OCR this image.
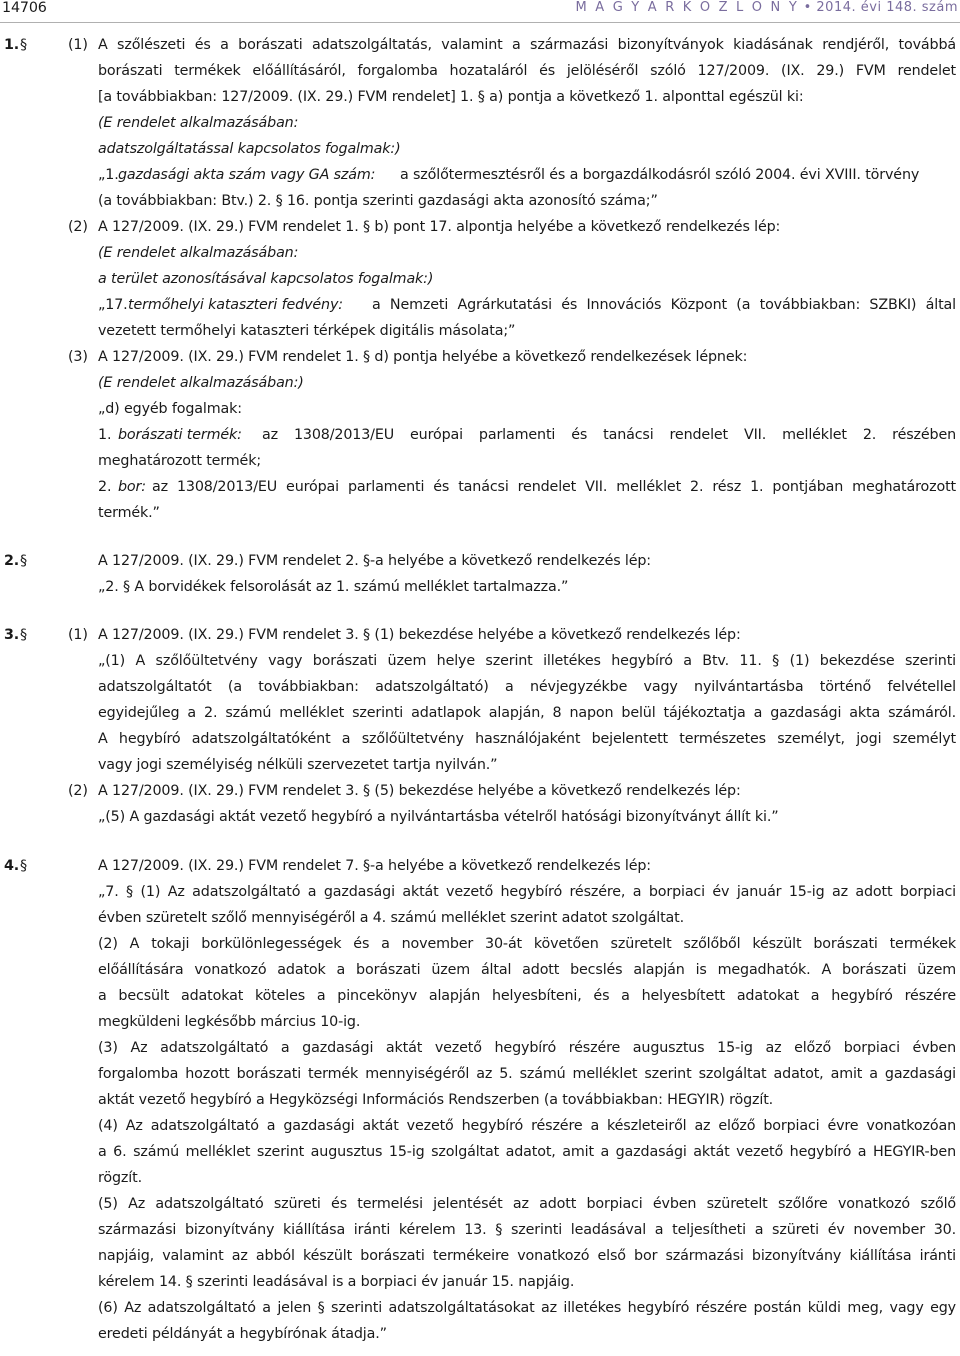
14706	M A G Y A R K Ö Z L Ö N Y • 2014. évi 148. szám
1. §	(1) A szőlészeti és a borászati adatszolgáltatás, valamint a származási bizonyítványok kiadásának rendjéről, továbbá
borászati termékek előállításáról, forgalomba hozataláról és jelöléséről szóló 127/2009. (IX. 29.) FVM rendelet
[a továbbiakban: 127/2009. (IX. 29.) FVM rendelet] 1. § a) pontja a következő 1. alponttal egészül ki:
(E rendelet alkalmazásában:
adatszolgáltatással kapcsolatos fogalmak:)
„1. gazdasági akta szám vagy GA szám: a szőlőtermesztésről és a borgazdálkodásról szóló 2004. évi XVIII. törvény
(a továbbiakban: Btv.) 2. § 16. pontja szerinti gazdasági akta azonosító száma;”
(2) A 127/2009. (IX. 29.) FVM rendelet 1. § b) pont 17. alpontja helyébe a következő rendelkezés lép:
(E rendelet alkalmazásában:
a terület azonosításával kapcsolatos fogalmak:)
„17. termőhelyi kataszteri fedvény: a Nemzeti Agrárkutatási és Innovációs Központ (a továbbiakban: SZBKI) által
vezetett termőhelyi kataszteri térképek digitális másolata;”
(3) A 127/2009. (IX. 29.) FVM rendelet 1. § d) pontja helyébe a következő rendelkezések lépnek:
(E rendelet alkalmazásában:)
„d) egyéb fogalmak:
1. borászati termék: az 1308/2013/EU európai parlamenti és tanácsi rendelet VII. melléklet 2. részében
meghatározott termék;
2. bor: az 1308/2013/EU európai parlamenti és tanácsi rendelet VII. melléklet 2. rész 1. pontjában meghatározott
termék.”
2. §	A 127/2009. (IX. 29.) FVM rendelet 2. §-a helyébe a következő rendelkezés lép:
„2. § A borvidékek felsorolását az 1. számú melléklet tartalmazza.”
3. §	(1) A 127/2009. (IX. 29.) FVM rendelet 3. § (1) bekezdése helyébe a következő rendelkezés lép:
„(1) A szőlőültetvény vagy borászati üzem helye szerint illetékes hegybíró a Btv. 11. § (1) bekezdése szerinti
adatszolgáltatót (a továbbiakban: adatszolgáltató) a névjegyzékbe vagy nyilvántartásba történő felvétellel
egyidejűleg a 2. számú melléklet szerinti adatlapok alapján, 8 napon belül tájékoztatja a gazdasági akta számáról.
A hegybíró adatszolgáltatóként a szőlőültetvény használójaként bejelentett természetes személyt, jogi személyt
vagy jogi személyiség nélküli szervezetet tartja nyilván.”
(2) A 127/2009. (IX. 29.) FVM rendelet 3. § (5) bekezdése helyébe a következő rendelkezés lép:
„(5) A gazdasági aktát vezető hegybíró a nyilvántartásba vételről hatósági bizonyítványt állít ki.”
4. §	A 127/2009. (IX. 29.) FVM rendelet 7. §-a helyébe a következő rendelkezés lép:
„7. § (1) Az adatszolgáltató a gazdasági aktát vezető hegybíró részére, a borpiaci év január 15-ig az adott borpiaci
évben szüretelt szőlő mennyiségéről a 4. számú melléklet szerint adatot szolgáltat.
(2) A tokaji borkülönlegességek és a november 30-át követően szüretelt szőlőből készült borászati termékek
előállítására vonatkozó adatok a borászati üzem által adott becslés alapján is megadhatók. A borászati üzem
a becsült adatokat köteles a pincekönyv alapján helyesbíteni, és a helyesbített adatokat a hegybíró részére
megküldeni legkésőbb március 10-ig.
(3) Az adatszolgáltató a gazdasági aktát vezető hegybíró részére augusztus 15-ig az előző borpiaci évben
forgalomba hozott borászati termék mennyiségéről az 5. számú melléklet szerint szolgáltat adatot, amit a gazdasági
aktát vezető hegybíró a Hegyközségi Információs Rendszerben (a továbbiakban: HEGYIR) rögzít.
(4) Az adatszolgáltató a gazdasági aktát vezető hegybíró részére a készleteiről az előző borpiaci évre vonatkozóan
a 6. számú melléklet szerint augusztus 15-ig szolgáltat adatot, amit a gazdasági aktát vezető hegybíró a HEGYIR-ben
rögzít.
(5) Az adatszolgáltató szüreti és termelési jelentését az adott borpiaci évben szüretelt szőlőre vonatkozó szőlő
származási bizonyítvány kiállítása iránti kérelem 13. § szerinti leadásával a teljesítheti a szüreti év november 30.
napjáig, valamint az abból készült borászati termékeire vonatkozó első bor származási bizonyítvány kiállítása iránti
kérelem 14. § szerinti leadásával is a borpiaci év január 15. napjáig.
(6) Az adatszolgáltató a jelen § szerinti adatszolgáltatásokat az illetékes hegybíró részére postán küldi meg, vagy egy
eredeti példányát a hegybírónak átadja.”
